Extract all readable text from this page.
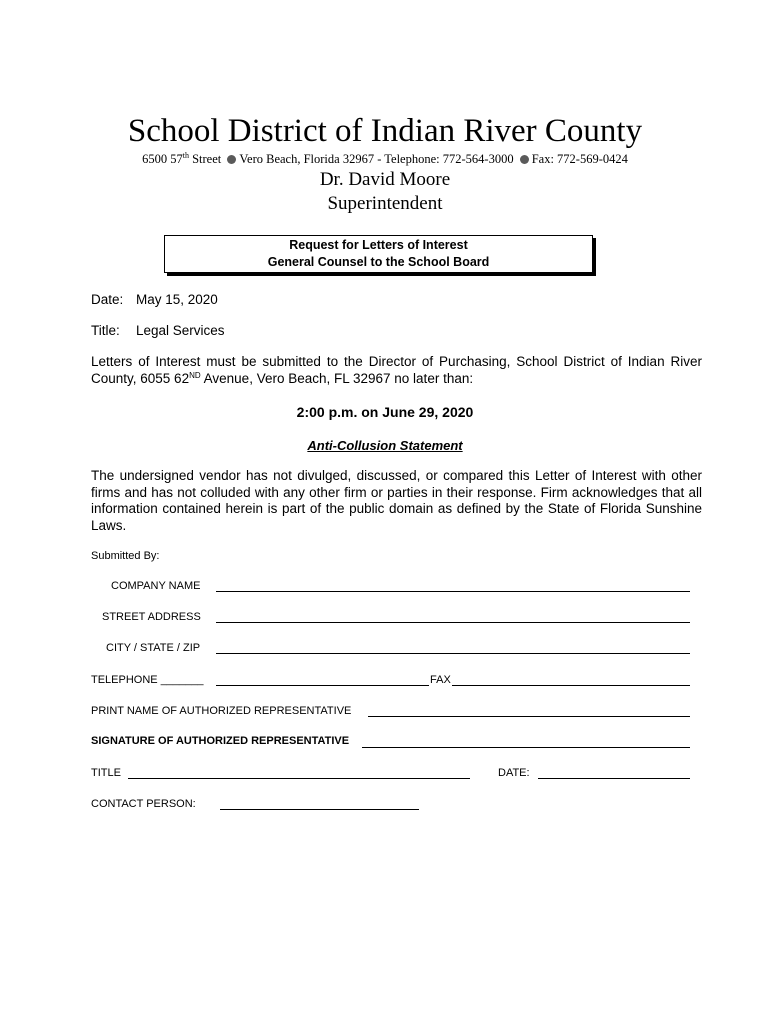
School District of Indian River County
6500 57th Street Vero Beach, Florida 32967 - Telephone: 772-564-3000 Fax: 772-569-0424
Dr. David Moore
Superintendent
Request for Letters of Interest
General Counsel to the School Board
Date: May 15, 2020
Title: Legal Services
Letters of Interest must be submitted to the Director of Purchasing, School District of Indian River County, 6055 62ND Avenue, Vero Beach, FL 32967 no later than:
2:00 p.m. on June 29, 2020
Anti-Collusion Statement
The undersigned vendor has not divulged, discussed, or compared this Letter of Interest with other firms and has not colluded with any other firm or parties in their response. Firm acknowledges that all information contained herein is part of the public domain as defined by the State of Florida Sunshine Laws.
Submitted By:
COMPANY NAME
STREET ADDRESS
CITY / STATE / ZIP
TELEPHONE _______	FAX
PRINT NAME OF AUTHORIZED REPRESENTATIVE
SIGNATURE OF AUTHORIZED REPRESENTATIVE
TITLE	DATE:
CONTACT PERSON:
